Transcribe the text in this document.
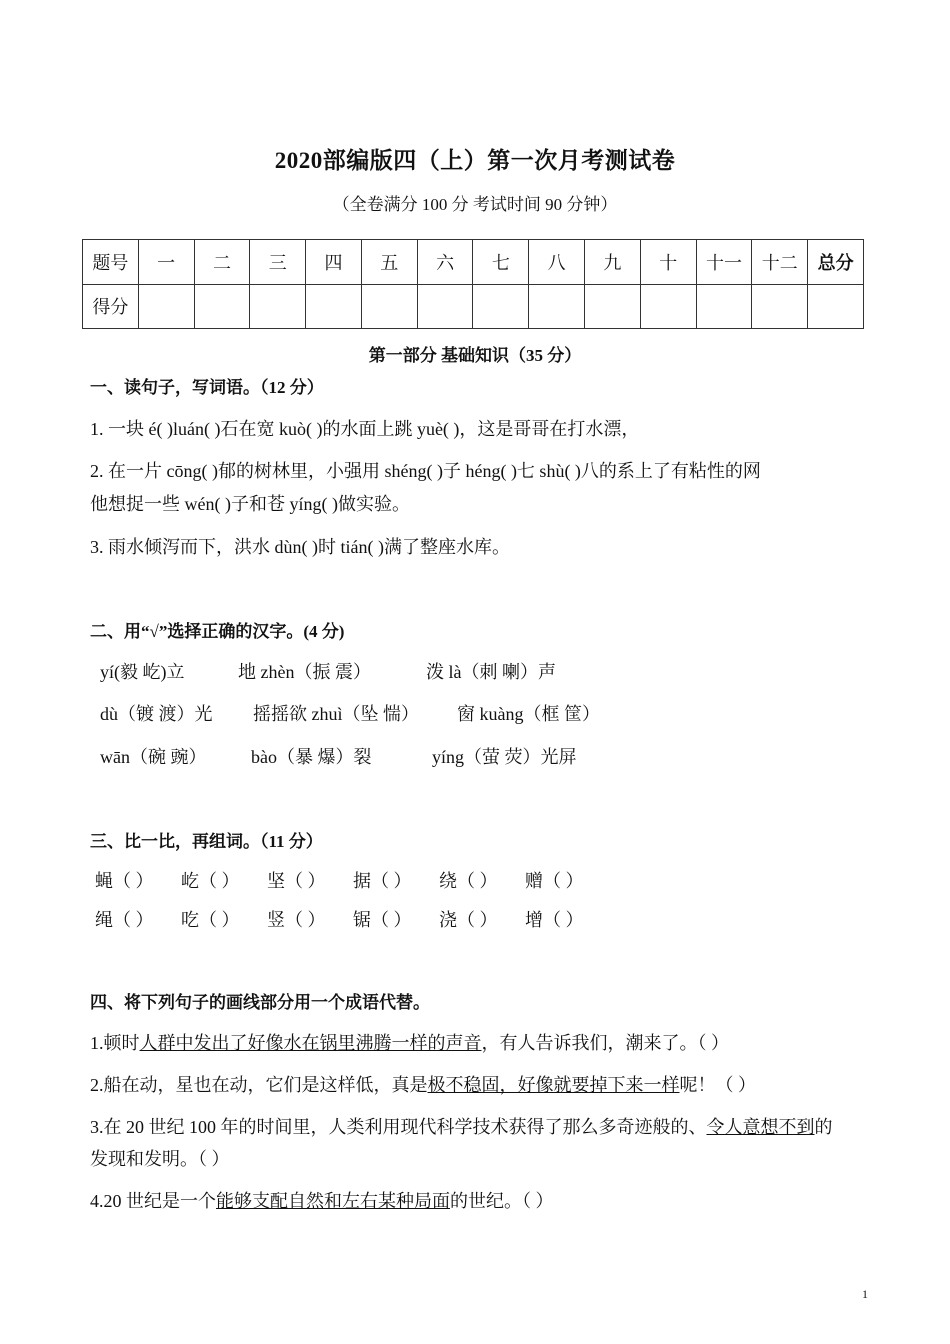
2020部编版四（上）第一次月考测试卷
（全卷满分 100 分 考试时间 90 分钟）
题号	一	二	三	四	五	六	七	八	九	十	十一	十二	总分
得分													
第一部分 基础知识（35 分）
一、读句子，写词语。（12 分）
1. 一块 é( )luán( )石在宽 kuò( )的水面上跳 yuè( )，这是哥哥在打水漂，
2. 在一片 cōng( )郁的树林里，小强用 shéng( )子 héng( )七 shù( )八的系上了有粘性的网
他想捉一些 wén( )子和苍 yíng( )做实验。
3. 雨水倾泻而下，洪水 dùn( )时 tián( )满了整座水库。
二、用“√”选择正确的汉字。(4 分)
yí(毅 屹)立	地 zhèn（振 震）	泼 là（刺 喇）声
dù（镀 渡）光 摇摇欲 zhuì（坠 惴） 窗 kuàng（框 筐）
wān（碗 豌） bào（暴 爆）裂	yíng（萤 荧）光屏
三、比一比，再组词。（11 分）
蝇（ ） 屹（ ） 坚（ ） 据（ ） 绕（ ） 赠（ ）
绳（ ） 吃（ ） 竖（ ） 锯（ ） 浇（ ） 增（ ）
四、将下列句子的画线部分用一个成语代替。
1.顿时人群中发出了好像水在锅里沸腾一样的声音，有人告诉我们，潮来了。（ ）
2.船在动，星也在动，它们是这样低，真是极不稳固，好像就要掉下来一样呢！（ ）
3.在 20 世纪 100 年的时间里，人类利用现代科学技术获得了那么多奇迹般的、令人意想不到的
发现和发明。（ ）
4.20 世纪是一个能够支配自然和左右某种局面的世纪。（ ）
1
